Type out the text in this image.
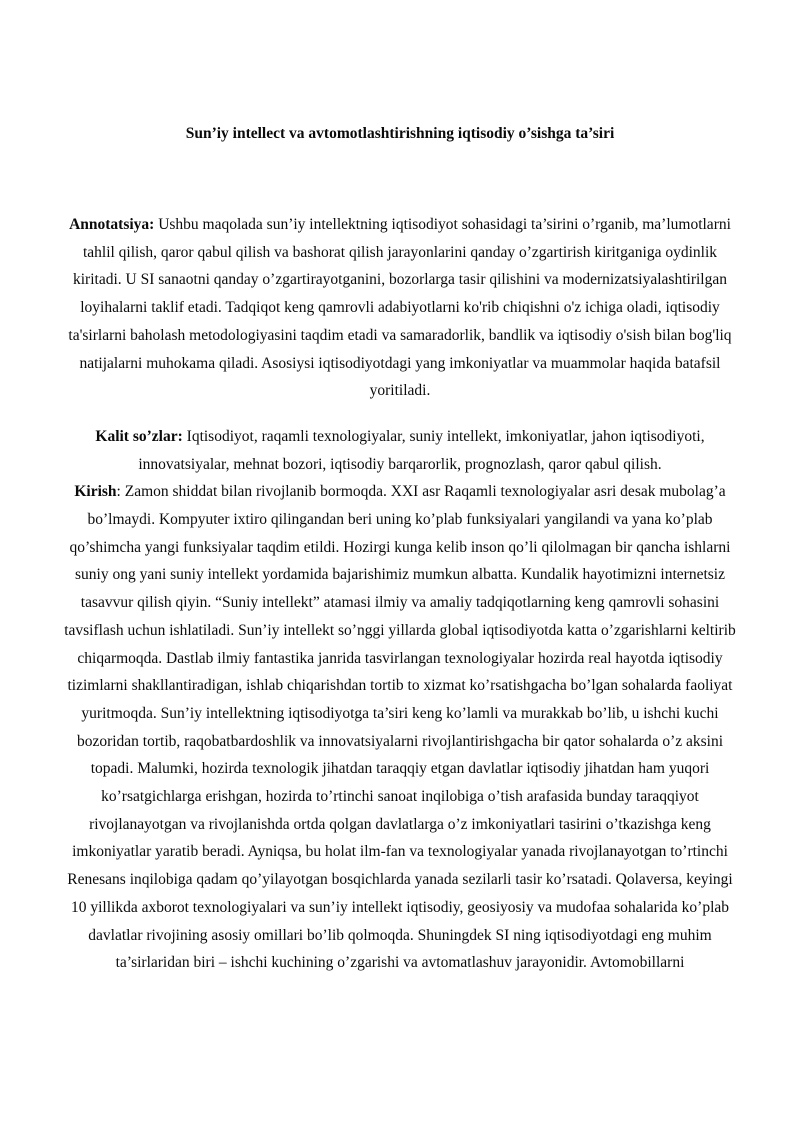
Sun’iy intellect va avtomotlashtirishning iqtisodiy o’sishga ta’siri

Annotatsiya: Ushbu maqolada sun’iy intellektning iqtisodiyot sohasidagi ta’sirini o’rganib, ma’lumotlarni tahlil qilish, qaror qabul qilish va bashorat qilish jarayonlarini qanday o’zgartirish kiritganiga oydinlik kiritadi. U SI sanaotni qanday o’zgartirayotganini, bozorlarga tasir qilishini va modernizatsiyalashtirilgan loyihalarni taklif etadi. Tadqiqot keng qamrovli adabiyotlarni ko'rib chiqishni o'z ichiga oladi, iqtisodiy ta'sirlarni baholash metodologiyasini taqdim etadi va samaradorlik, bandlik va iqtisodiy o'sish bilan bog'liq natijalarni muhokama qiladi. Asosiysi iqtisodiyotdagi yang imkoniyatlar va muammolar haqida batafsil yoritiladi.

Kalit so’zlar: Iqtisodiyot, raqamli texnologiyalar, suniy intellekt, imkoniyatlar, jahon iqtisodiyoti, innovatsiyalar, mehnat bozori, iqtisodiy barqarorlik, prognozlash, qaror qabul qilish.

Kirish: Zamon shiddat bilan rivojlanib bormoqda. XXI asr Raqamli texnologiyalar asri desak mubolag’a bo’lmaydi. Kompyuter ixtiro qilingandan beri uning ko’plab funksiyalari yangilandi va yana ko’plab qo’shimcha yangi funksiyalar taqdim etildi. Hozirgi kunga kelib inson qo’li qilolmagan bir qancha ishlarni suniy ong yani suniy intellekt yordamida bajarishimiz mumkun albatta. Kundalik hayotimizni internetsiz tasavvur qilish qiyin. “Suniy intellekt” atamasi ilmiy va amaliy tadqiqotlarning keng qamrovli sohasini tavsiflash uchun ishlatiladi. Sun’iy intellekt so’nggi yillarda global iqtisodiyotda katta o’zgarishlarni keltirib chiqarmoqda. Dastlab ilmiy fantastika janrida tasvirlangan texnologiyalar hozirda real hayotda iqtisodiy tizimlarni shakllantiradigan, ishlab chiqarishdan tortib to xizmat ko’rsatishgacha bo’lgan sohalarda faoliyat yuritmoqda. Sun’iy intellektning iqtisodiyotga ta’siri keng ko’lamli va murakkab bo’lib, u ishchi kuchi bozoridan tortib, raqobatbardoshlik va innovatsiyalarni rivojlantirishgacha bir qator sohalarda o’z aksini topadi. Malumki, hozirda texnologik jihatdan taraqqiy etgan davlatlar iqtisodiy jihatdan ham yuqori ko’rsatgichlarga erishgan, hozirda to’rtinchi sanoat inqilobiga o’tish arafasida bunday taraqqiyot rivojlanayotgan va rivojlanishda ortda qolgan davlatlarga o’z imkoniyatlari tasirini o’tkazishga keng imkoniyatlar yaratib beradi. Ayniqsa, bu holat ilm-fan va texnologiyalar yanada rivojlanayotgan to’rtinchi Renesans inqilobiga qadam qo’yilayotgan bosqichlarda yanada sezilarli tasir ko’rsatadi. Qolaversa, keyingi 10 yillikda axborot texnologiyalari va sun’iy intellekt iqtisodiy, geosiyosiy va mudofaa sohalarida ko’plab davlatlar rivojining asosiy omillari bo’lib qolmoqda. Shuningdek SI ning iqtisodiyotdagi eng muhim ta’sirlaridan biri – ishchi kuchining o’zgarishi va avtomatlashuv jarayonidir. Avtomobillarni
